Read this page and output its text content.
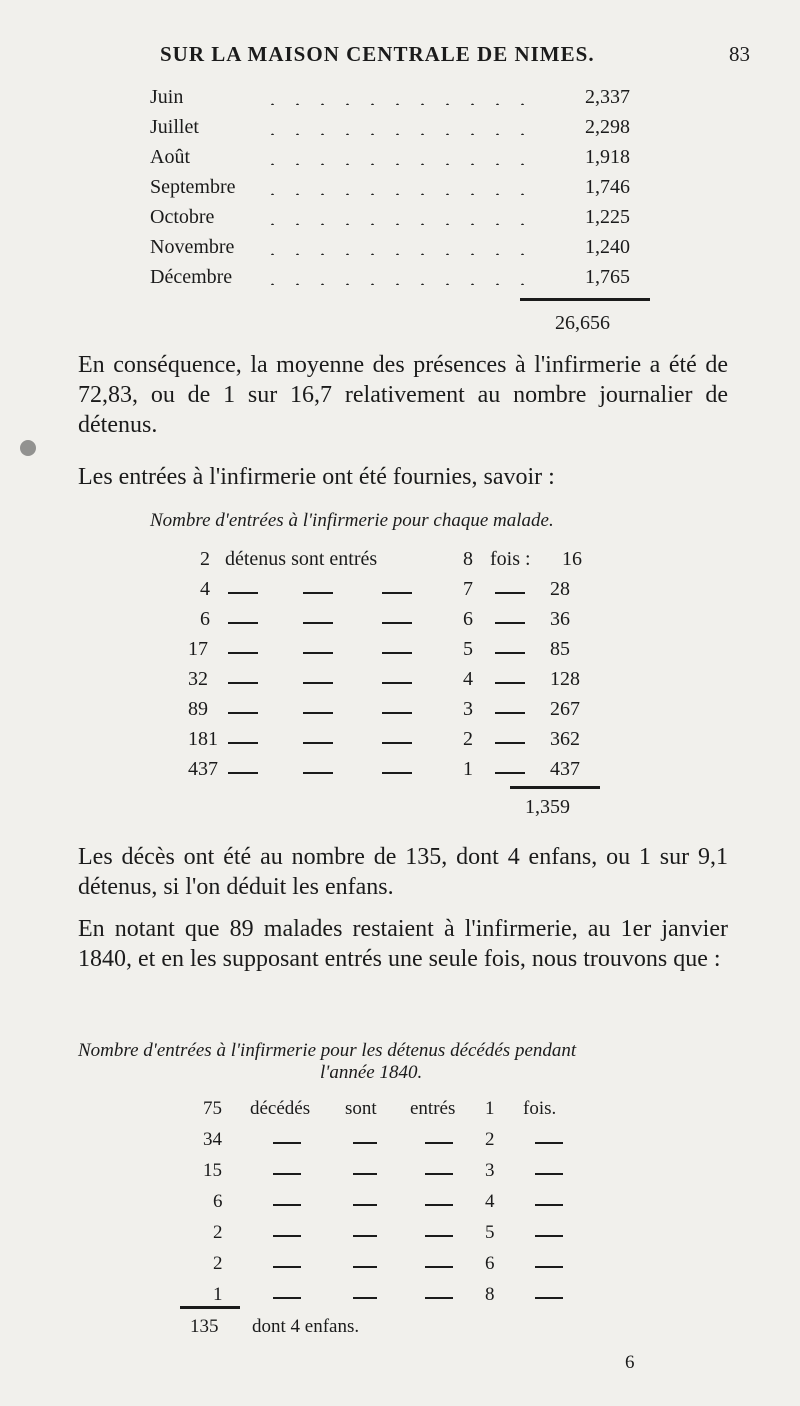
SUR LA MAISON CENTRALE DE NIMES.	83
Juin	2,337
Juillet	2,298
Août	1,918
Septembre	1,746
Octobre	1,225
Novembre	1,240
Décembre	1,765
26,656
En conséquence, la moyenne des présences à l'infirmerie a été de 72,83, ou de 1 sur 16,7 relativement au nombre journalier de détenus.
Les entrées à l'infirmerie ont été fournies, savoir :
Nombre d'entrées à l'infirmerie pour chaque malade.
2 détenus sont entrés	8 fois : 16
4	7	28
6	6	36
17	5	85
32	4	128
89	3	267
181	2	362
437	1	437
1,359
Les décès ont été au nombre de 135, dont 4 enfans, ou 1 sur 9,1 détenus, si l'on déduit les enfans.
En notant que 89 malades restaient à l'infirmerie, au 1er janvier 1840, et en les supposant entrés une seule fois, nous trouvons que :
Nombre d'entrées à l'infirmerie pour les détenus décédés pendant
l'année 1840.
75 décédés sont entrés 1 fois.
34	2
15	3
6	4
2	5
2	6
1	8
135 dont 4 enfans.
6
